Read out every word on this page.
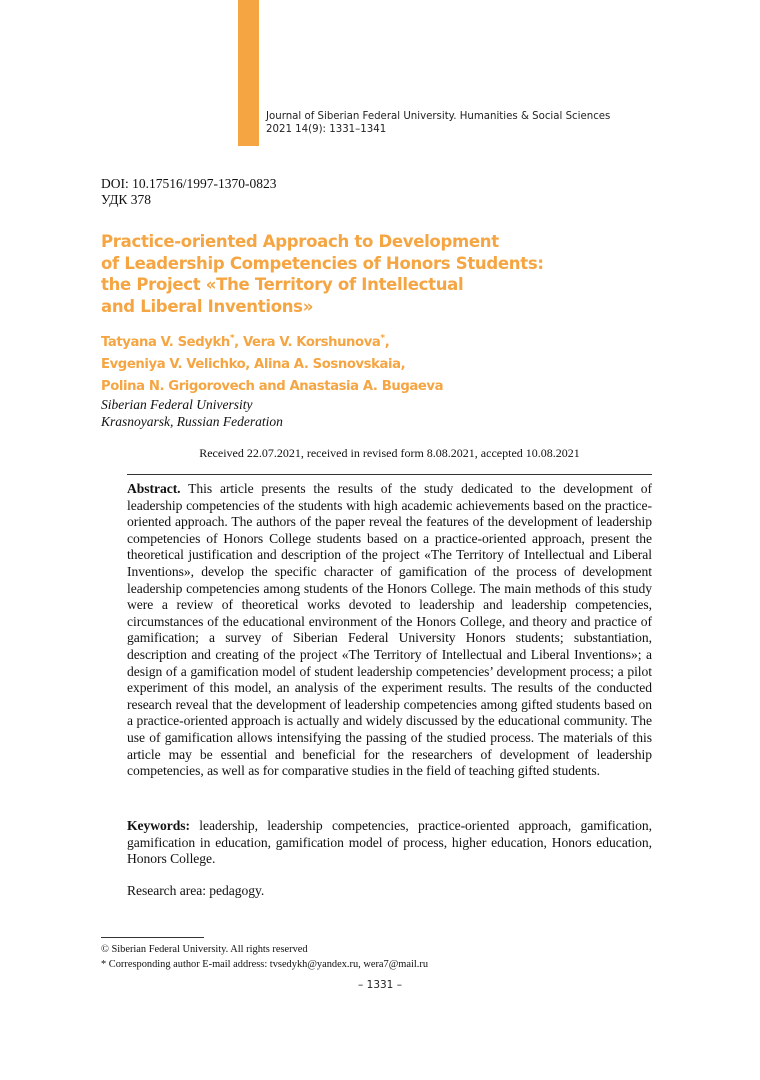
Journal of Siberian Federal University. Humanities & Social Sciences
2021 14(9): 1331–1341
DOI: 10.17516/1997-1370-0823
УДК 378
Practice-oriented Approach to Development
of Leadership Competencies of Honors Students:
the Project «The Territory of Intellectual
and Liberal Inventions»
Tatyana V. Sedykh*, Vera V. Korshunova*,
Evgeniya V. Velichko, Alina A. Sosnovskaia,
Polina N. Grigorovech and Anastasia A. Bugaeva
Siberian Federal University
Krasnoyarsk, Russian Federation
Received 22.07.2021, received in revised form 8.08.2021, accepted 10.08.2021

Abstract. This article presents the results of the study dedicated to the development of leadership competencies of the students with high academic achievements based on the practice-oriented approach. The authors of the paper reveal the features of the development of leadership competencies of Honors College students based on a practice-oriented approach, present the theoretical justification and description of the project «The Territory of Intellectual and Liberal Inventions», develop the specific character of gamification of the process of development leadership competencies among students of the Honors College. The main methods of this study were a review of theoretical works devoted to leadership and leadership competencies, circumstances of the educational environment of the Honors College, and theory and practice of gamification; a survey of Siberian Federal University Honors students; substantiation, description and creating of the project «The Territory of Intellectual and Liberal Inventions»; a design of a gamification model of student leadership competencies’ development process; a pilot experiment of this model, an analysis of the experiment results. The results of the conducted research reveal that the development of leadership competencies among gifted students based on a practice-oriented approach is actually and widely discussed by the educational community. The use of gamification allows intensifying the passing of the studied process. The materials of this article may be essential and beneficial for the researchers of development of leadership competencies, as well as for comparative studies in the field of teaching gifted students.

Keywords: leadership, leadership competencies, practice-oriented approach, gamification, gamification in education, gamification model of process, higher education, Honors education, Honors College.

Research area: pedagogy.

© Siberian Federal University. All rights reserved
* Corresponding author E-mail address: tvsedykh@yandex.ru, wera7@mail.ru
– 1331 –
